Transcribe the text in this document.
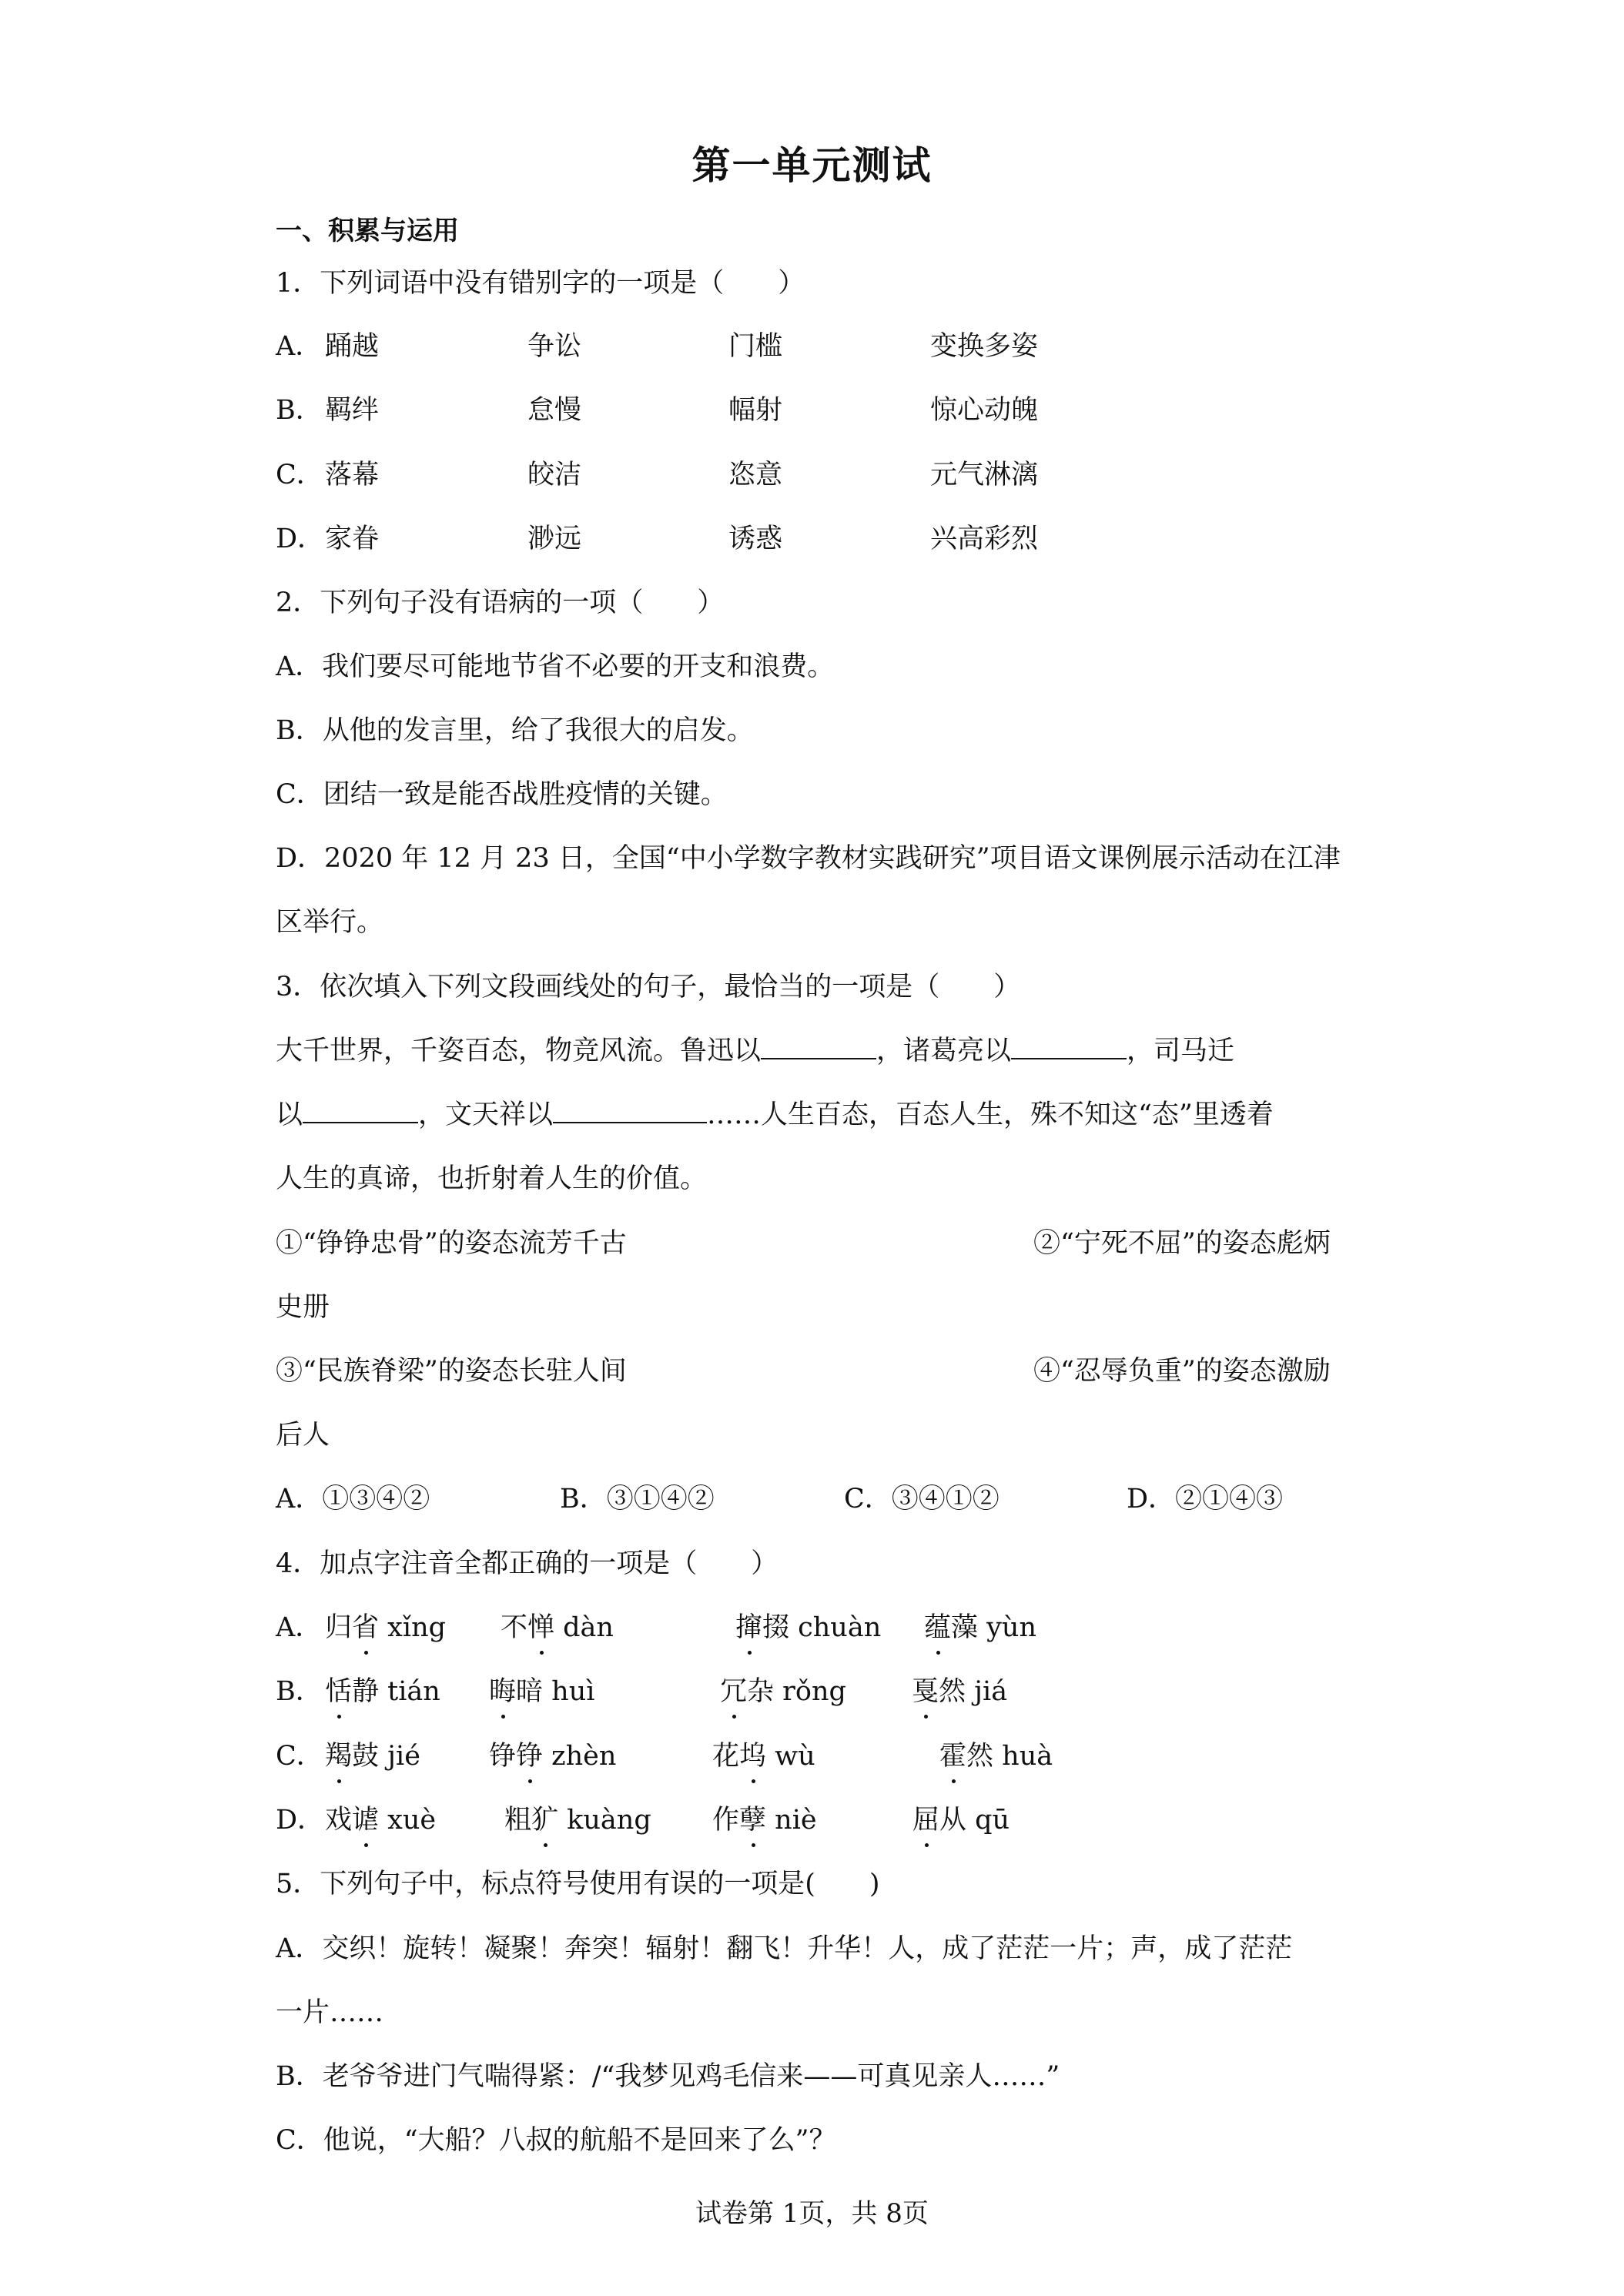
第一单元测试
一、积累与运用
1．下列词语中没有错别字的一项是（　　）
A． 踊越	争讼	门槛	变换多姿
B． 羁绊	怠慢	幅射	惊心动魄
C． 落幕	皎洁	恣意	元气淋漓
D． 家眷	渺远	诱惑	兴高彩烈
2．下列句子没有语病的一项（　　）
A．我们要尽可能地节省不必要的开支和浪费。
B．从他的发言里，给了我很大的启发。
C．团结一致是能否战胜疫情的关键。
D．2020 年 12 月 23 日，全国“中小学数字教材实践研究”项目语文课例展示活动在江津
区举行。
3．依次填入下列文段画线处的句子，最恰当的一项是（　　）
大千世界，千姿百态，物竞风流。鲁迅以	，诸葛亮以	，司马迁
以	，文天祥以	……人生百态，百态人生，殊不知这“态”里透着
人生的真谛，也折射着人生的价值。
①“铮铮忠骨”的姿态流芳千古	②“宁死不屈”的姿态彪炳
史册
③“民族脊梁”的姿态长驻人间	④“忍辱负重”的姿态激励
后人
A．①③④②	B．③①④②	C．③④①②	D．②①④③
4．加点字注音全都正确的一项是（　　）
A． 归省 xǐng 不惮 dàn	撺掇 chuàn 蕴藻 yùn
B． 恬静 tián 晦暗 huì	冗杂 rǒng 戛然 jiá
C． 羯鼓 jié	铮铮 zhèn	花坞 wù	霍然 huà
D． 戏谑 xuè	粗犷 kuàng 作孽 niè	屈从 qū
5．下列句子中，标点符号使用有误的一项是(　　)
A．交织！旋转！凝聚！奔突！辐射！翻飞！升华！人，成了茫茫一片；声，成了茫茫
一片……
B．老爷爷进门气喘得紧：/“我梦见鸡毛信来——可真见亲人……”
C．他说，“大船？八叔的航船不是回来了么”？
试卷第 1页，共 8页
